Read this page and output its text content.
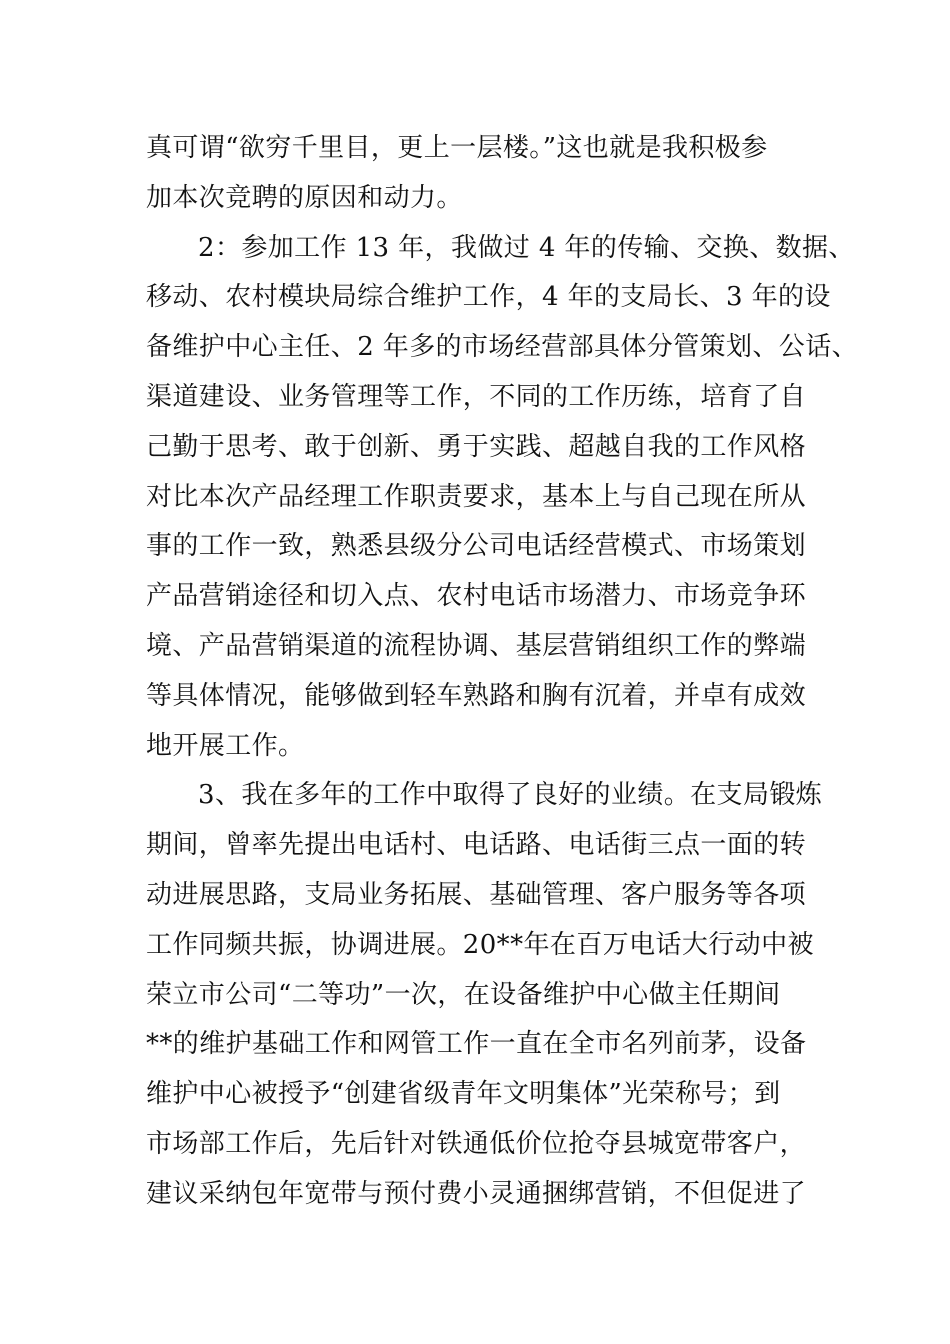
真可谓“欲穷千里目，更上一层楼。”这也就是我积极参
加本次竞聘的原因和动力。
2：参加工作 13 年，我做过 4 年的传输、交换、数据、
移动、农村模块局综合维护工作，4 年的支局长、3 年的设
备维护中心主任、2 年多的市场经营部具体分管策划、公话、
渠道建设、业务管理等工作，不同的工作历练，培育了自
己勤于思考、敢于创新、勇于实践、超越自我的工作风格
对比本次产品经理工作职责要求，基本上与自己现在所从
事的工作一致，熟悉县级分公司电话经营模式、市场策划
产品营销途径和切入点、农村电话市场潜力、市场竞争环
境、产品营销渠道的流程协调、基层营销组织工作的弊端
等具体情况，能够做到轻车熟路和胸有沉着，并卓有成效
地开展工作。
3、我在多年的工作中取得了良好的业绩。在支局锻炼
期间，曾率先提出电话村、电话路、电话街三点一面的转
动进展思路，支局业务拓展、基础管理、客户服务等各项
工作同频共振，协调进展。20**年在百万电话大行动中被
荣立市公司“二等功”一次，在设备维护中心做主任期间
**的维护基础工作和网管工作一直在全市名列前茅，设备
维护中心被授予“创建省级青年文明集体”光荣称号；到
市场部工作后，先后针对铁通低价位抢夺县城宽带客户，
建议采纳包年宽带与预付费小灵通捆绑营销，不但促进了
